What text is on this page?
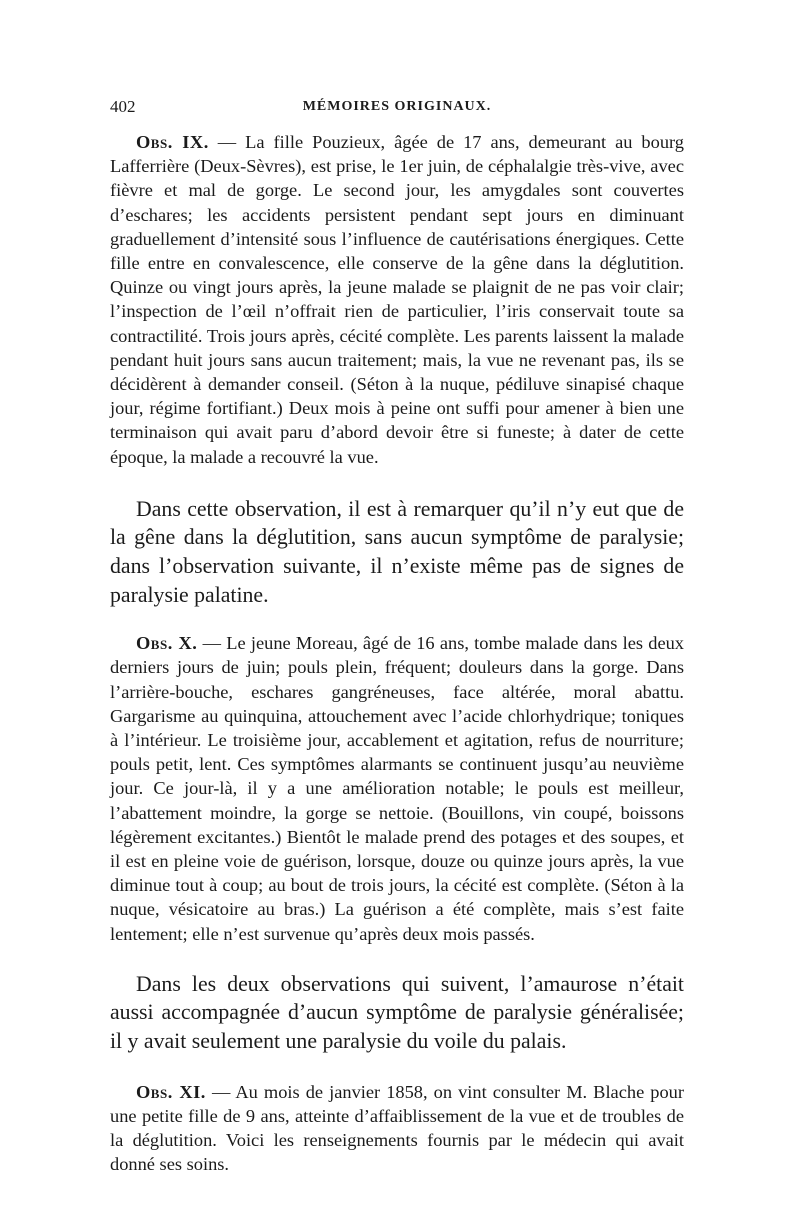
402	MÉMOIRES ORIGINAUX.

Obs. IX. — La fille Pouzieux, âgée de 17 ans, demeurant au bourg Lafferrière (Deux-Sèvres), est prise, le 1er juin, de céphalalgie très-vive, avec fièvre et mal de gorge. Le second jour, les amygdales sont couvertes d’eschares; les accidents persistent pendant sept jours en diminuant graduellement d’intensité sous l’influence de cautérisations énergiques. Cette fille entre en convalescence, elle conserve de la gêne dans la déglutition. Quinze ou vingt jours après, la jeune malade se plaignit de ne pas voir clair; l’inspection de l’œil n’offrait rien de particulier, l’iris conservait toute sa contractilité. Trois jours après, cécité complète. Les parents laissent la malade pendant huit jours sans aucun traitement; mais, la vue ne revenant pas, ils se décidèrent à demander conseil. (Séton à la nuque, pédiluve sinapisé chaque jour, régime fortifiant.) Deux mois à peine ont suffi pour amener à bien une terminaison qui avait paru d’abord devoir être si funeste; à dater de cette époque, la malade a recouvré la vue.

Dans cette observation, il est à remarquer qu’il n’y eut que de la gêne dans la déglutition, sans aucun symptôme de paralysie; dans l’observation suivante, il n’existe même pas de signes de paralysie palatine.

Obs. X. — Le jeune Moreau, âgé de 16 ans, tombe malade dans les deux derniers jours de juin; pouls plein, fréquent; douleurs dans la gorge. Dans l’arrière-bouche, eschares gangréneuses, face altérée, moral abattu. Gargarisme au quinquina, attouchement avec l’acide chlorhydrique; toniques à l’intérieur. Le troisième jour, accablement et agitation, refus de nourriture; pouls petit, lent. Ces symptômes alarmants se continuent jusqu’au neuvième jour. Ce jour-là, il y a une amélioration notable; le pouls est meilleur, l’abattement moindre, la gorge se nettoie. (Bouillons, vin coupé, boissons légèrement excitantes.) Bientôt le malade prend des potages et des soupes, et il est en pleine voie de guérison, lorsque, douze ou quinze jours après, la vue diminue tout à coup; au bout de trois jours, la cécité est complète. (Séton à la nuque, vésicatoire au bras.) La guérison a été complète, mais s’est faite lentement; elle n’est survenue qu’après deux mois passés.

Dans les deux observations qui suivent, l’amaurose n’était aussi accompagnée d’aucun symptôme de paralysie généralisée; il y avait seulement une paralysie du voile du palais.

Obs. XI. — Au mois de janvier 1858, on vint consulter M. Blache pour une petite fille de 9 ans, atteinte d’affaiblissement de la vue et de troubles de la déglutition. Voici les renseignements fournis par le médecin qui avait donné ses soins.
